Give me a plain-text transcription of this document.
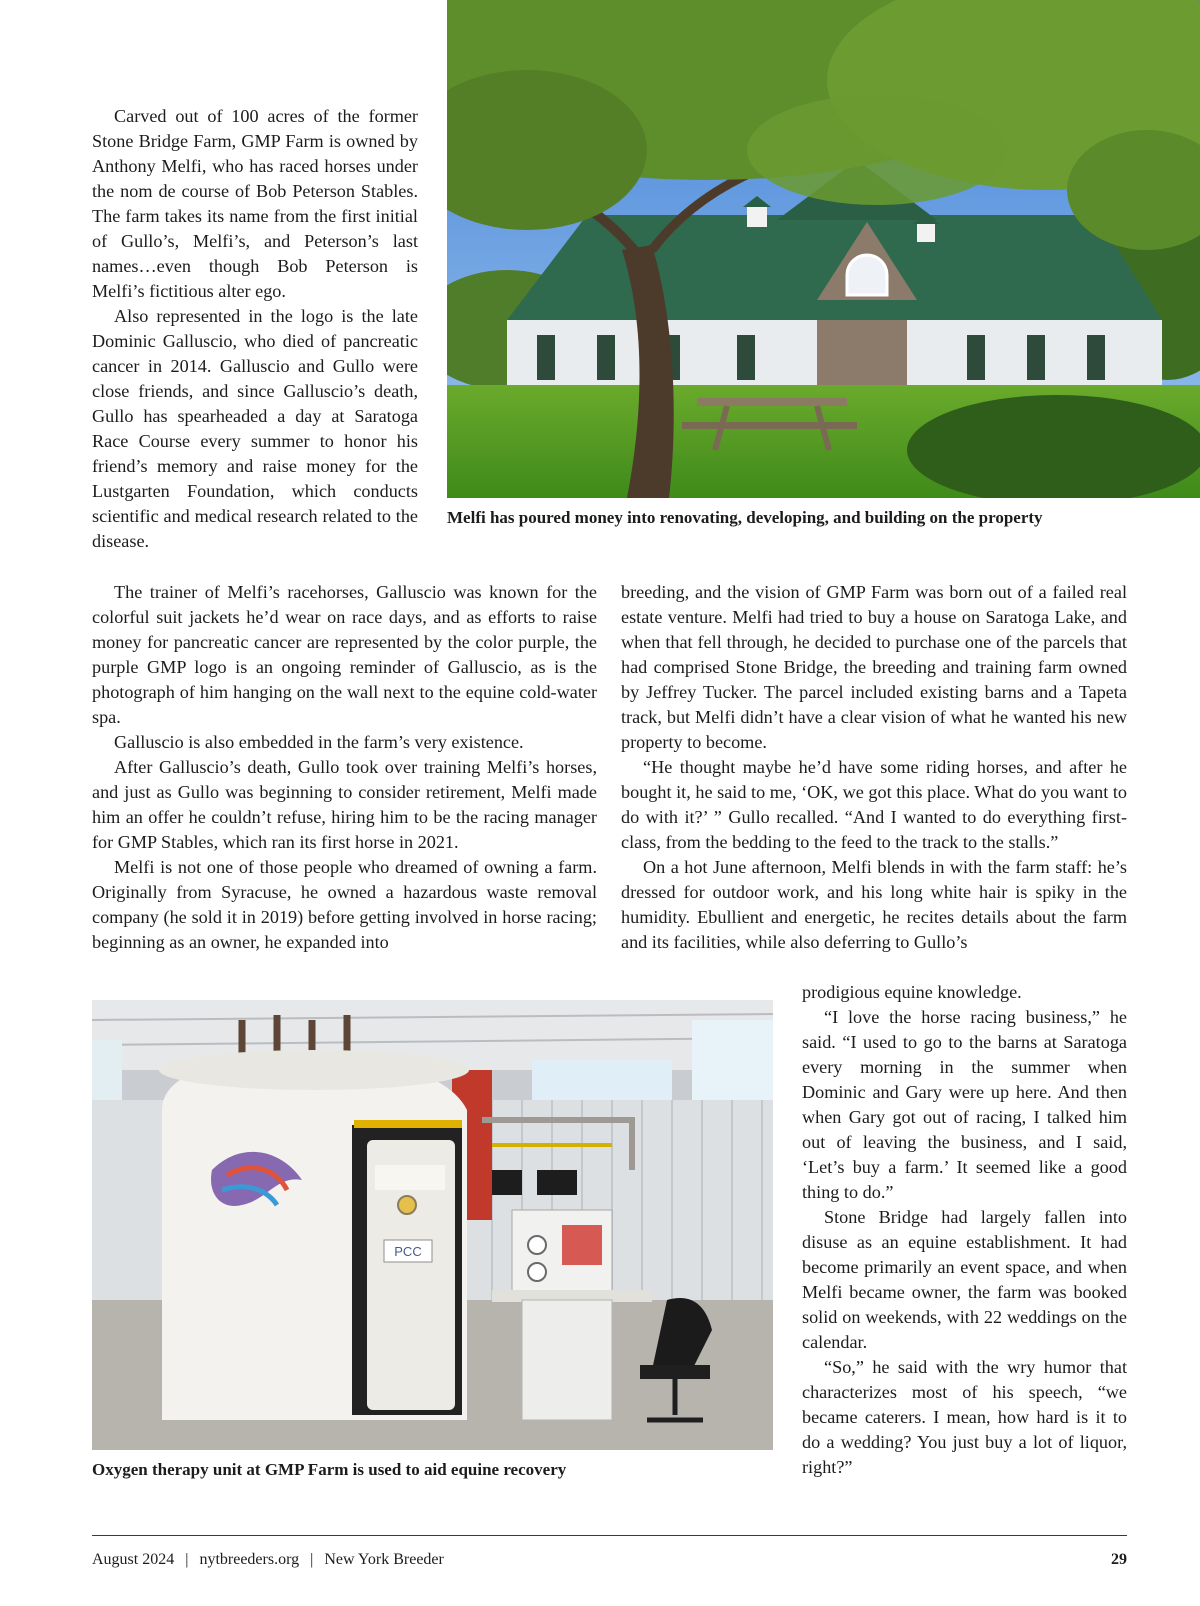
Carved out of 100 acres of the former Stone Bridge Farm, GMP Farm is owned by Anthony Melfi, who has raced horses under the nom de course of Bob Peterson Stables. The farm takes its name from the first initial of Gullo’s, Melfi’s, and Peterson’s last names…even though Bob Peterson is Melfi’s fictitious alter ego.

Also represented in the logo is the late Dominic Galluscio, who died of pancreatic cancer in 2014. Galluscio and Gullo were close friends, and since Galluscio’s death, Gullo has spearheaded a day at Saratoga Race Course every summer to honor his friend’s memory and raise money for the Lustgarten Foundation, which conducts scientific and medical research related to the disease.

Melfi has poured money into renovating, developing, and building on the property

The trainer of Melfi’s racehorses, Galluscio was known for the colorful suit jackets he’d wear on race days, and as efforts to raise money for pancreatic cancer are represented by the color purple, the purple GMP logo is an ongoing reminder of Galluscio, as is the photograph of him hanging on the wall next to the equine cold-water spa.

Galluscio is also embedded in the farm’s very existence.

After Galluscio’s death, Gullo took over training Melfi’s horses, and just as Gullo was beginning to consider retirement, Melfi made him an offer he couldn’t refuse, hiring him to be the racing manager for GMP Stables, which ran its first horse in 2021.

Melfi is not one of those people who dreamed of owning a farm. Originally from Syracuse, he owned a hazardous waste removal company (he sold it in 2019) before getting involved in horse racing; beginning as an owner, he expanded into

breeding, and the vision of GMP Farm was born out of a failed real estate venture. Melfi had tried to buy a house on Saratoga Lake, and when that fell through, he decided to purchase one of the parcels that had comprised Stone Bridge, the breeding and training farm owned by Jeffrey Tucker. The parcel included existing barns and a Tapeta track, but Melfi didn’t have a clear vision of what he wanted his new property to become.

“He thought maybe he’d have some riding horses, and after he bought it, he said to me, ‘OK, we got this place. What do you want to do with it?’ ” Gullo recalled. “And I wanted to do everything first-class, from the bedding to the feed to the track to the stalls.”

On a hot June afternoon, Melfi blends in with the farm staff: he’s dressed for outdoor work, and his long white hair is spiky in the humidity. Ebullient and energetic, he recites details about the farm and its facilities, while also deferring to Gullo’s

PCC
Oxygen therapy unit at GMP Farm is used to aid equine recovery

prodigious equine knowledge.

“I love the horse racing business,” he said. “I used to go to the barns at Saratoga every morning in the summer when Dominic and Gary were up here. And then when Gary got out of racing, I talked him out of leaving the business, and I said, ‘Let’s buy a farm.’ It seemed like a good thing to do.”

Stone Bridge had largely fallen into disuse as an equine establishment. It had become primarily an event space, and when Melfi became owner, the farm was booked solid on weekends, with 22 weddings on the calendar.

“So,” he said with the wry humor that characterizes most of his speech, “we became caterers. I mean, how hard is it to do a wedding? You just buy a lot of liquor, right?”

August 2024 | nytbreeders.org | New York Breeder	29
